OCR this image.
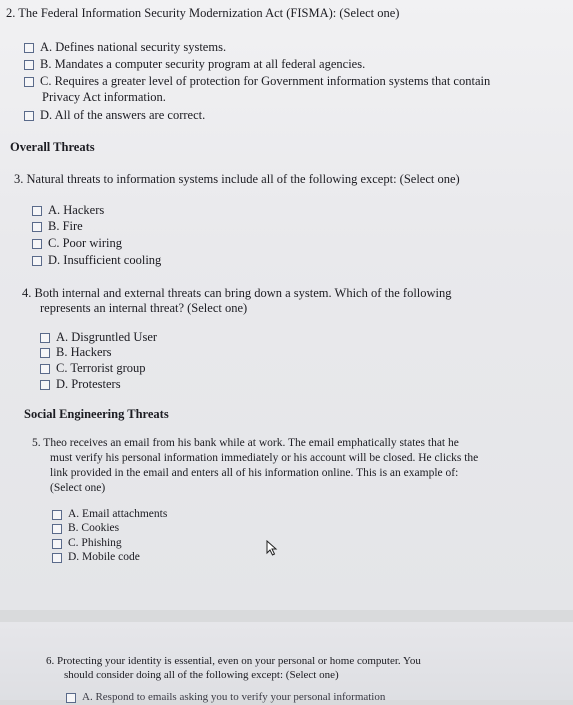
2. The Federal Information Security Modernization Act (FISMA): (Select one)
A. Defines national security systems.
B. Mandates a computer security program at all federal agencies.
C. Requires a greater level of protection for Government information systems that contain
Privacy Act information.
D. All of the answers are correct.
Overall Threats
3. Natural threats to information systems include all of the following except: (Select one)
A. Hackers
B. Fire
C. Poor wiring
D. Insufficient cooling
4. Both internal and external threats can bring down a system. Which of the following
represents an internal threat? (Select one)
A. Disgruntled User
B. Hackers
C. Terrorist group
D. Protesters
Social Engineering Threats
5. Theo receives an email from his bank while at work. The email emphatically states that he
must verify his personal information immediately or his account will be closed. He clicks the
link provided in the email and enters all of his information online. This is an example of:
(Select one)
A. Email attachments
B. Cookies
C. Phishing
D. Mobile code
6. Protecting your identity is essential, even on your personal or home computer. You
should consider doing all of the following except: (Select one)
A. Respond to emails asking you to verify your personal information
